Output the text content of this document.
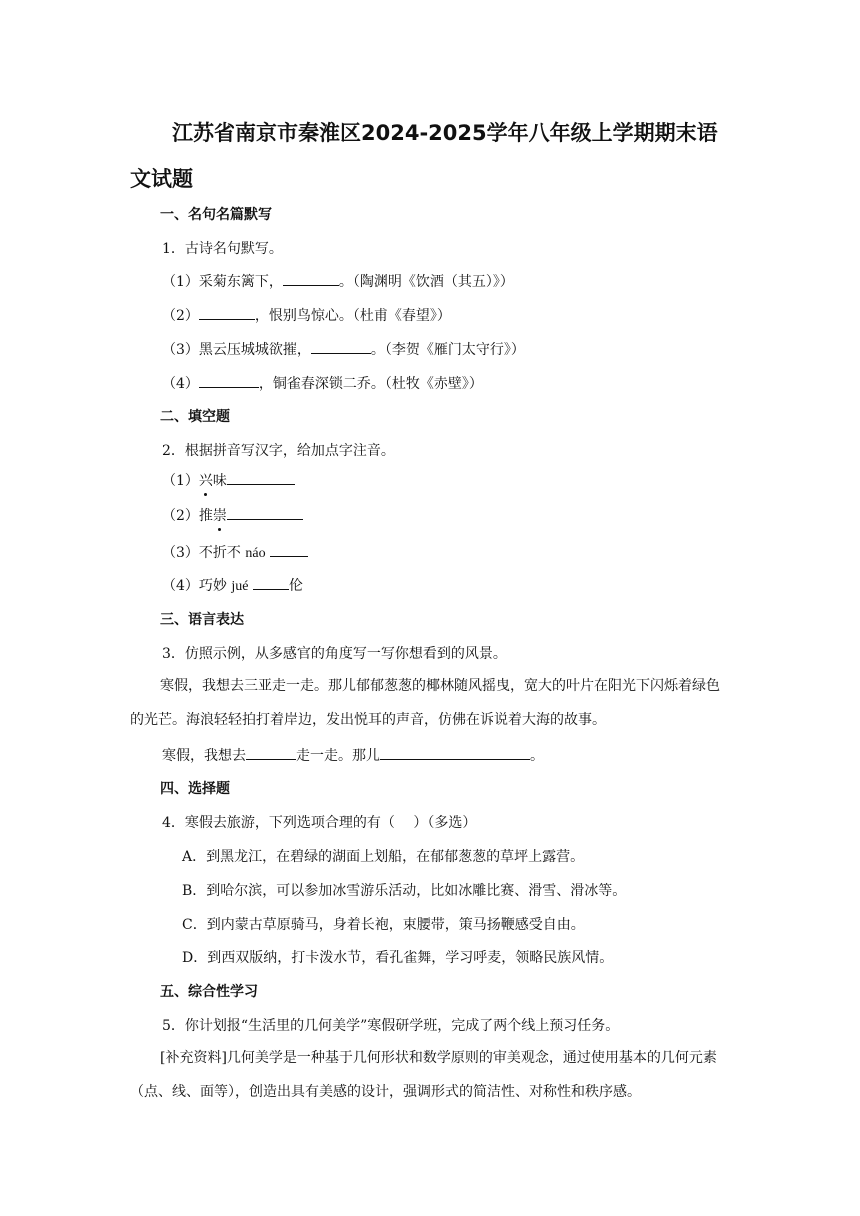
江苏省南京市秦淮区2024-2025学年八年级上学期期末语文试题
一、名句名篇默写
1．古诗名句默写。
（1）采菊东篱下，	。（陶渊明《饮酒（其五）》）
（2）	，恨别鸟惊心。（杜甫《春望》）
（3）黑云压城城欲摧，	。（李贺《雁门太守行》）
（4）	，铜雀春深锁二乔。（杜牧《赤壁》）
二、填空题
2．根据拼音写汉字，给加点字注音。
（1）兴味
（2）推崇
（3）不折不 náo
（4）巧妙 jué	伦
三、语言表达
3．仿照示例，从多感官的角度写一写你想看到的风景。
寒假，我想去三亚走一走。那儿郁郁葱葱的椰林随风摇曳，宽大的叶片在阳光下闪烁着绿色的光芒。海浪轻轻拍打着岸边，发出悦耳的声音，仿佛在诉说着大海的故事。
寒假，我想去	走一走。那儿	。
四、选择题
4．寒假去旅游，下列选项合理的有（　 ）（多选）
A．到黑龙江，在碧绿的湖面上划船，在郁郁葱葱的草坪上露营。
B．到哈尔滨，可以参加冰雪游乐活动，比如冰雕比赛、滑雪、滑冰等。
C．到内蒙古草原骑马，身着长袍，束腰带，策马扬鞭感受自由。
D．到西双版纳，打卡泼水节，看孔雀舞，学习呼麦，领略民族风情。
五、综合性学习
5．你计划报“生活里的几何美学”寒假研学班，完成了两个线上预习任务。
[补充资料]几何美学是一种基于几何形状和数学原则的审美观念，通过使用基本的几何元素（点、线、面等），创造出具有美感的设计，强调形式的简洁性、对称性和秩序感。
